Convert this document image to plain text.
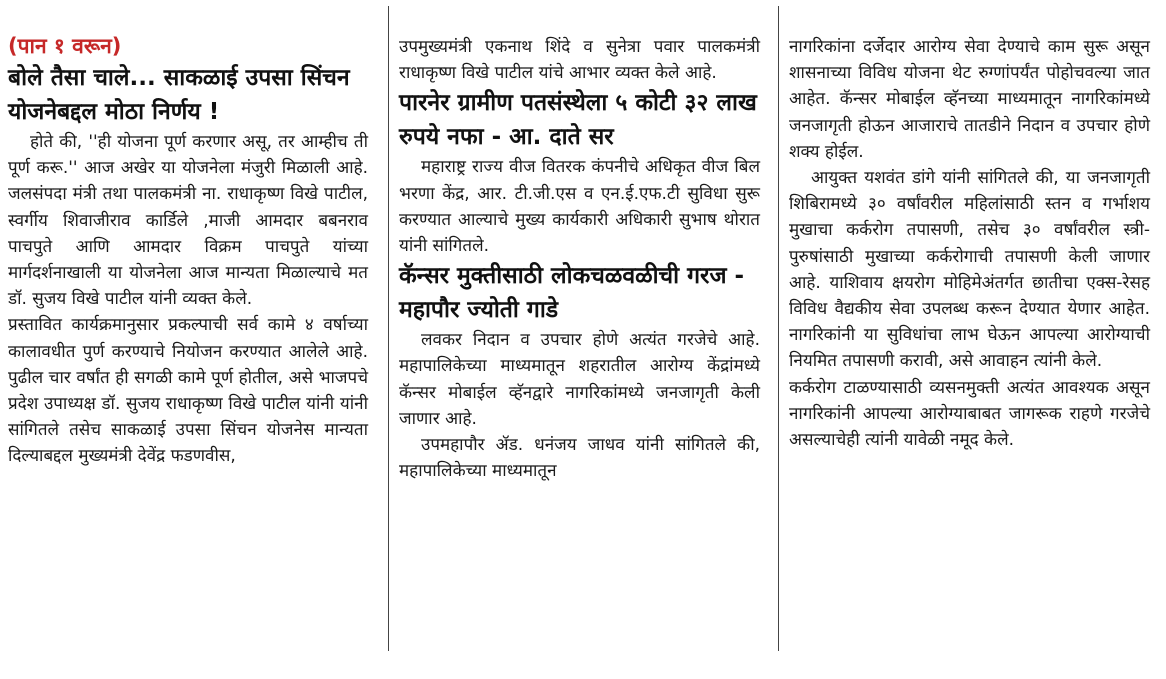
(पान १ वरून)
बोले तैसा चाले... साकळाई उपसा सिंचन योजनेबद्दल मोठा निर्णय !

होते की, ''ही योजना पूर्ण करणार असू, तर आम्हीच ती पूर्ण करू.'' आज अखेर या योजनेला मंजुरी मिळाली आहे. जलसंपदा मंत्री तथा पालकमंत्री ना. राधाकृष्ण विखे पाटील, स्वर्गीय शिवाजीराव कार्डिले ,माजी आमदार बबनराव पाचपुते आणि आमदार विक्रम पाचपुते यांच्या मार्गदर्शनाखाली या योजनेला आज मान्यता मिळाल्याचे मत डॉ. सुजय विखे पाटील यांनी व्यक्त केले.

प्रस्तावित कार्यक्रमानुसार प्रकल्पाची सर्व कामे ४ वर्षाच्या कालावधीत पुर्ण करण्याचे नियोजन करण्यात आलेले आहे. पुढील चार वर्षांत ही सगळी कामे पूर्ण होतील, असे भाजपचे प्रदेश उपाध्यक्ष डॉ. सुजय राधाकृष्ण विखे पाटील यांनी यांनी सांगितले तसेच साकळाई उपसा सिंचन योजनेस मान्यता दिल्याबद्दल मुख्यमंत्री देवेंद्र फडणवीस,

उपमुख्यमंत्री एकनाथ शिंदे व सुनेत्रा पवार पालकमंत्री राधाकृष्ण विखे पाटील यांचे आभार व्यक्त केले आहे.

पारनेर ग्रामीण पतसंस्थेला ५ कोटी ३२ लाख रुपये नफा - आ. दाते सर

महाराष्ट्र राज्य वीज वितरक कंपनीचे अधिकृत वीज बिल भरणा केंद्र, आर. टी.जी.एस व एन.ई.एफ.टी सुविधा सुरू करण्यात आल्याचे मुख्य कार्यकारी अधिकारी सुभाष थोरात यांनी सांगितले.

कॅन्सर मुक्तीसाठी लोकचळवळीची गरज - महापौर ज्योती गाडे

लवकर निदान व उपचार होणे अत्यंत गरजेचे आहे. महापालिकेच्या माध्यमातून शहरातील आरोग्य केंद्रांमध्ये कॅन्सर मोबाईल व्हॅनद्वारे नागरिकांमध्ये जनजागृती केली जाणार आहे.

उपमहापौर ॲड. धनंजय जाधव यांनी सांगितले की, महापालिकेच्या माध्यमातून

नागरिकांना दर्जेदार आरोग्य सेवा देण्याचे काम सुरू असून शासनाच्या विविध योजना थेट रुग्णांपर्यंत पोहोचवल्या जात आहेत. कॅन्सर मोबाईल व्हॅनच्या माध्यमातून नागरिकांमध्ये जनजागृती होऊन आजाराचे तातडीने निदान व उपचार होणे शक्य होईल.

आयुक्त यशवंत डांगे यांनी सांगितले की, या जनजागृती शिबिरामध्ये ३० वर्षांवरील महिलांसाठी स्तन व गर्भाशय मुखाचा कर्करोग तपासणी, तसेच ३० वर्षांवरील स्त्री-पुरुषांसाठी मुखाच्या कर्करोगाची तपासणी केली जाणार आहे. याशिवाय क्षयरोग मोहिमेअंतर्गत छातीचा एक्स-रेसह विविध वैद्यकीय सेवा उपलब्ध करून देण्यात येणार आहेत. नागरिकांनी या सुविधांचा लाभ घेऊन आपल्या आरोग्याची नियमित तपासणी करावी, असे आवाहन त्यांनी केले.

कर्करोग टाळण्यासाठी व्यसनमुक्ती अत्यंत आवश्यक असून नागरिकांनी आपल्या आरोग्याबाबत जागरूक राहणे गरजेचे असल्याचेही त्यांनी यावेळी नमूद केले.
